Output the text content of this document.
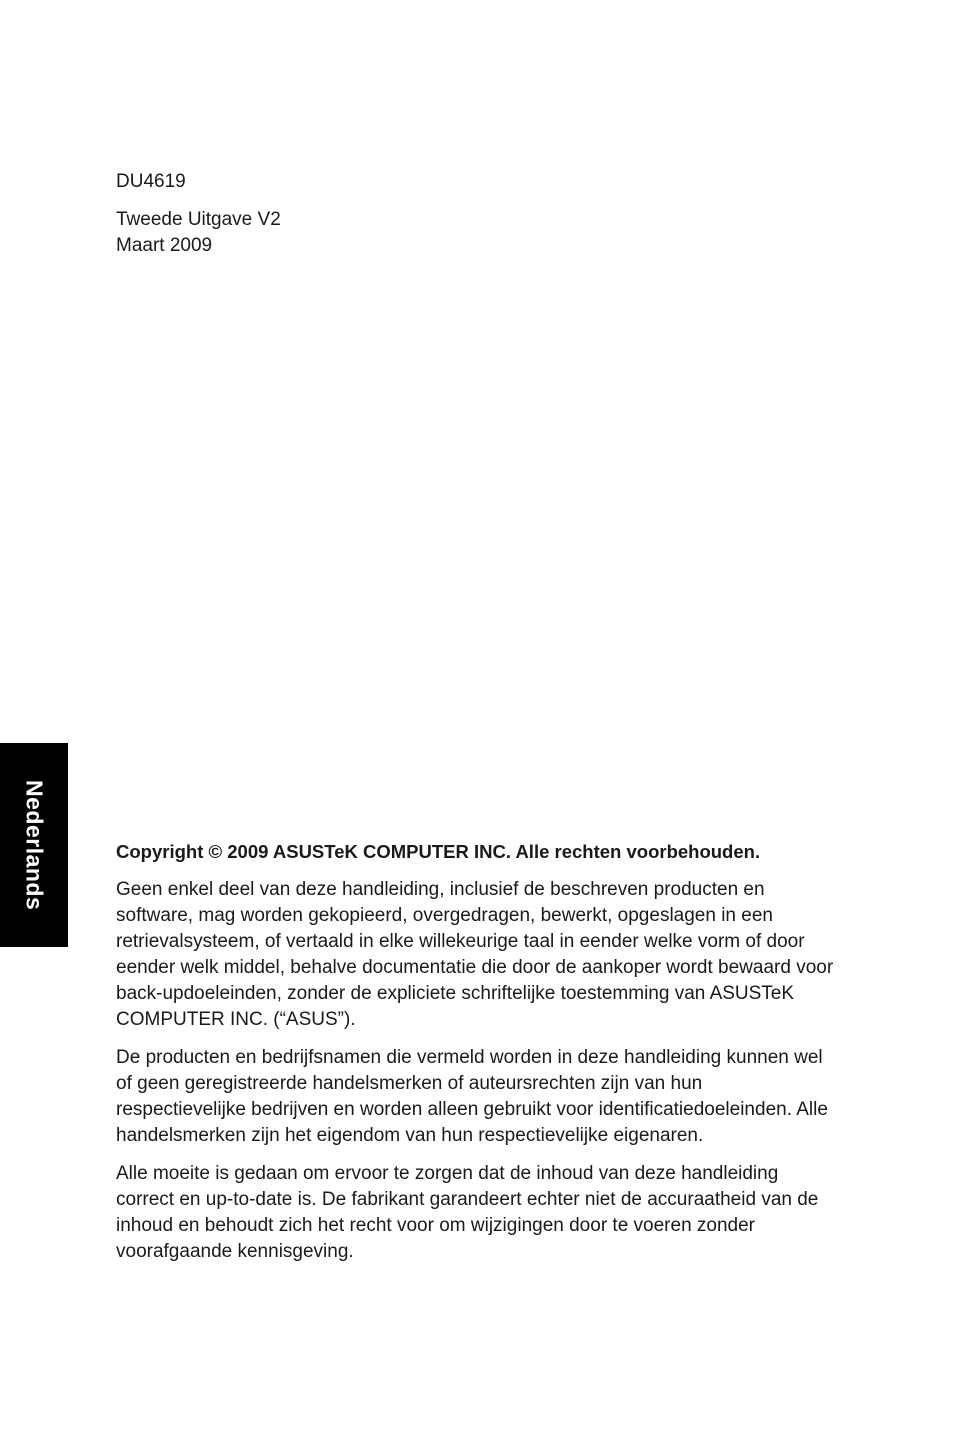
DU4619

Tweede Uitgave V2
Maart 2009

Nederlands	Copyright © 2009 ASUSTeK COMPUTER INC. Alle rechten voorbehouden.

Geen enkel deel van deze handleiding, inclusief de beschreven producten en software, mag worden gekopieerd, overgedragen, bewerkt, opgeslagen in een retrievalsysteem, of vertaald in elke willekeurige taal in eender welke vorm of door eender welk middel, behalve documentatie die door de aankoper wordt bewaard voor back-updoeleinden, zonder de expliciete schriftelijke toestemming van ASUSTeK COMPUTER INC. (“ASUS”).

De producten en bedrijfsnamen die vermeld worden in deze handleiding kunnen wel of geen geregistreerde handelsmerken of auteursrechten zijn van hun respectievelijke bedrijven en worden alleen gebruikt voor identificatiedoeleinden. Alle handelsmerken zijn het eigendom van hun respectievelijke eigenaren.

Alle moeite is gedaan om ervoor te zorgen dat de inhoud van deze handleiding correct en up-to-date is. De fabrikant garandeert echter niet de accuraatheid van de inhoud en behoudt zich het recht voor om wijzigingen door te voeren zonder voorafgaande kennisgeving.
